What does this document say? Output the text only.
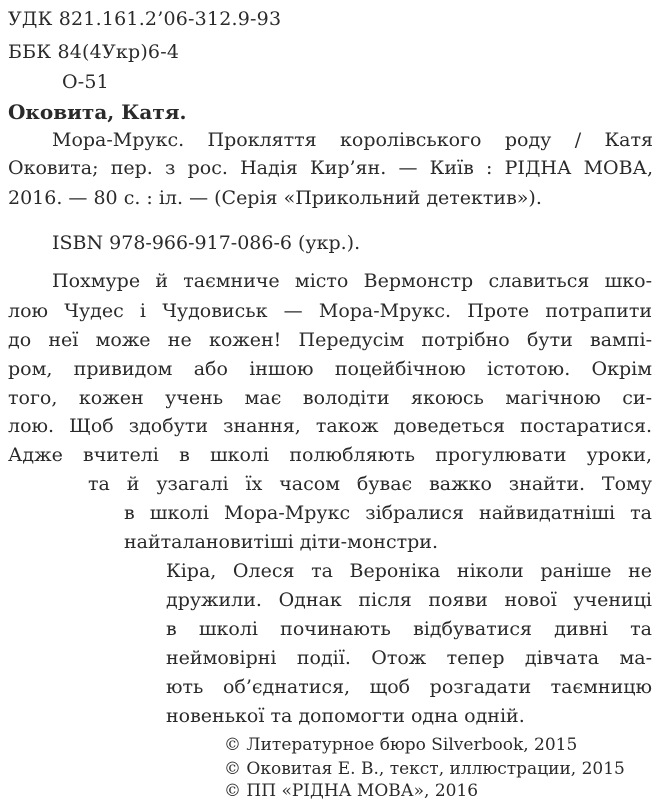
УДК 821.161.2’06-312.9-93
ББК 84(4Укр)6-4
О-51
Оковита, Катя.
Мора-Мрукс. Прокляття королівського роду / Катя
Оковита; пер. з рос. Надія Кир’ян. — Київ : РІДНА МОВА,
2016. — 80 с. : іл. — (Серія «Прикольний детектив»).
ISBN 978-966-917-086-6 (укр.).
Похмуре й таємниче місто Вермонстр славиться шко-
лою Чудес і Чудовиськ — Мора-Мрукс. Проте потрапити
до неї може не кожен! Передусім потрібно бути вампі-
ром, привидом або іншою поцейбічною істотою. Окрім
того, кожен учень має володіти якоюсь магічною си-
лою. Щоб здобути знання, також доведеться постаратися.
Адже вчителі в школі полюбляють прогулювати уроки,
та й узагалі їх часом буває важко знайти. Тому
в школі Мора-Мрукс зібралися найвидатніші та
найталановитіші діти-монстри.
Кіра, Олеся та Вероніка ніколи раніше не
дружили. Однак після появи нової учениці
в школі починають відбуватися дивні та
неймовірні події. Отож тепер дівчата ма-
ють об’єднатися, щоб розгадати таємницю
новенької та допомогти одна одній.
© Литературное бюро Silverbook, 2015
© Оковитая Е. В., текст, иллюстрации, 2015
© ПП «РІДНА МОВА», 2016
